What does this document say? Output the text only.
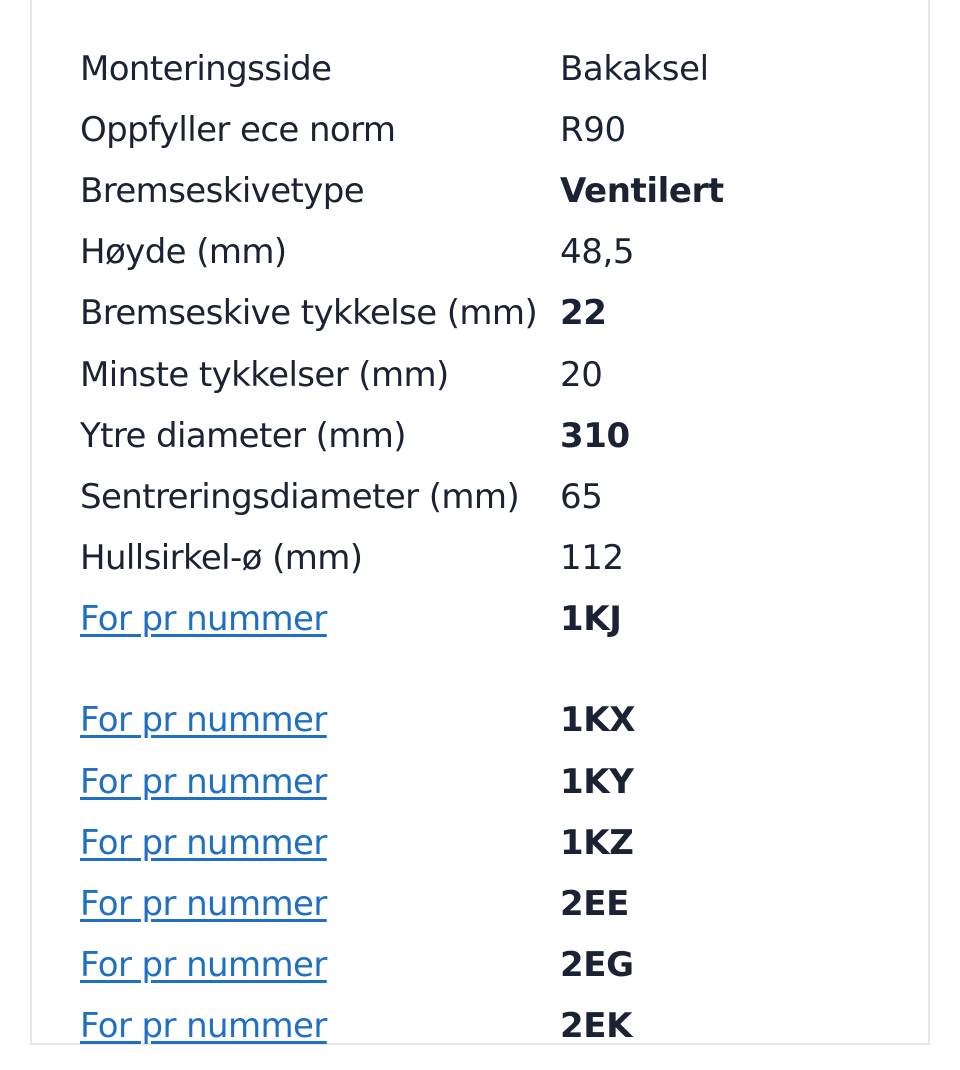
Monteringsside	Bakaksel
Oppfyller ece norm	R90
Bremseskivetype	Ventilert
Høyde (mm)	48,5
Bremseskive tykkelse (mm) 22
Minste tykkelser (mm)	20
Ytre diameter (mm)	310
Sentreringsdiameter (mm)	65
Hullsirkel-ø (mm)	112
For pr nummer	1KJ
For pr nummer	1KX
For pr nummer	1KY
For pr nummer	1KZ
For pr nummer	2EE
For pr nummer	2EG
For pr nummer	2EK
